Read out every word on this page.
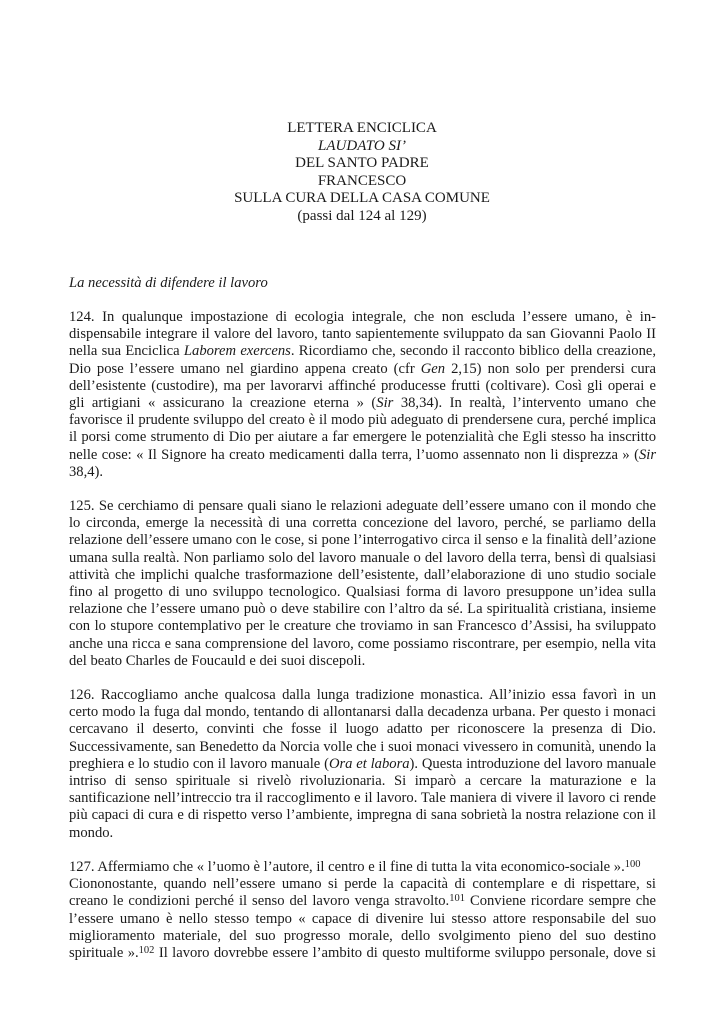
LETTERA ENCICLICA
LAUDATO SI’
DEL SANTO PADRE
FRANCESCO
SULLA CURA DELLA CASA COMUNE
(passi dal 124 al 129)
La necessità di difendere il lavoro
124. In qualunque impostazione di ecologia integrale, che non escluda l’essere umano, è in-
dispensabile integrare il valore del lavoro, tanto sapientemente sviluppato da san Giovanni Paolo II
nella sua Enciclica Laborem exercens. Ricordiamo che, secondo il racconto biblico della creazione,
Dio pose l’essere umano nel giardino appena creato (cfr Gen 2,15) non solo per prendersi cura
dell’esistente (custodire), ma per lavorarvi affinché producesse frutti (coltivare). Così gli operai e
gli artigiani « assicurano la creazione eterna » (Sir 38,34). In realtà, l’intervento umano che
favorisce il prudente sviluppo del creato è il modo più adeguato di prendersene cura, perché implica
il porsi come strumento di Dio per aiutare a far emergere le potenzialità che Egli stesso ha inscritto
nelle cose: « Il Signore ha creato medicamenti dalla terra, l’uomo assennato non li disprezza » (Sir
38,4).
125. Se cerchiamo di pensare quali siano le relazioni adeguate dell’essere umano con il mondo che
lo circonda, emerge la necessità di una corretta concezione del lavoro, perché, se parliamo della
relazione dell’essere umano con le cose, si pone l’interrogativo circa il senso e la finalità dell’azione
umana sulla realtà. Non parliamo solo del lavoro manuale o del lavoro della terra, bensì di qualsiasi
attività che implichi qualche trasformazione dell’esistente, dall’elaborazione di uno studio sociale
fino al progetto di uno sviluppo tecnologico. Qualsiasi forma di lavoro presuppone un’idea sulla
relazione che l’essere umano può o deve stabilire con l’altro da sé. La spiritualità cristiana, insieme
con lo stupore contemplativo per le creature che troviamo in san Francesco d’Assisi, ha sviluppato
anche una ricca e sana comprensione del lavoro, come possiamo riscontrare, per esempio, nella vita
del beato Charles de Foucauld e dei suoi discepoli.
126. Raccogliamo anche qualcosa dalla lunga tradizione monastica. All’inizio essa favorì in un
certo modo la fuga dal mondo, tentando di allontanarsi dalla decadenza urbana. Per questo i monaci
cercavano il deserto, convinti che fosse il luogo adatto per riconoscere la presenza di Dio.
Successivamente, san Benedetto da Norcia volle che i suoi monaci vivessero in comunità, unendo la
preghiera e lo studio con il lavoro manuale (Ora et labora). Questa introduzione del lavoro manuale
intriso di senso spirituale si rivelò rivoluzionaria. Si imparò a cercare la maturazione e la
santificazione nell’intreccio tra il raccoglimento e il lavoro. Tale maniera di vivere il lavoro ci rende
più capaci di cura e di rispetto verso l’ambiente, impregna di sana sobrietà la nostra relazione con il
mondo.
127. Affermiamo che « l’uomo è l’autore, il centro e il fine di tutta la vita economico-sociale ».$^{100}$
Ciononostante, quando nell’essere umano si perde la capacità di contemplare e di rispettare, si
creano le condizioni perché il senso del lavoro venga stravolto.$^{101}$ Conviene ricordare sempre che
l’essere umano è nello stesso tempo « capace di divenire lui stesso attore responsabile del suo
miglioramento materiale, del suo progresso morale, dello svolgimento pieno del suo destino
spirituale ».$^{102}$ Il lavoro dovrebbe essere l’ambito di questo multiforme sviluppo personale, dove si
